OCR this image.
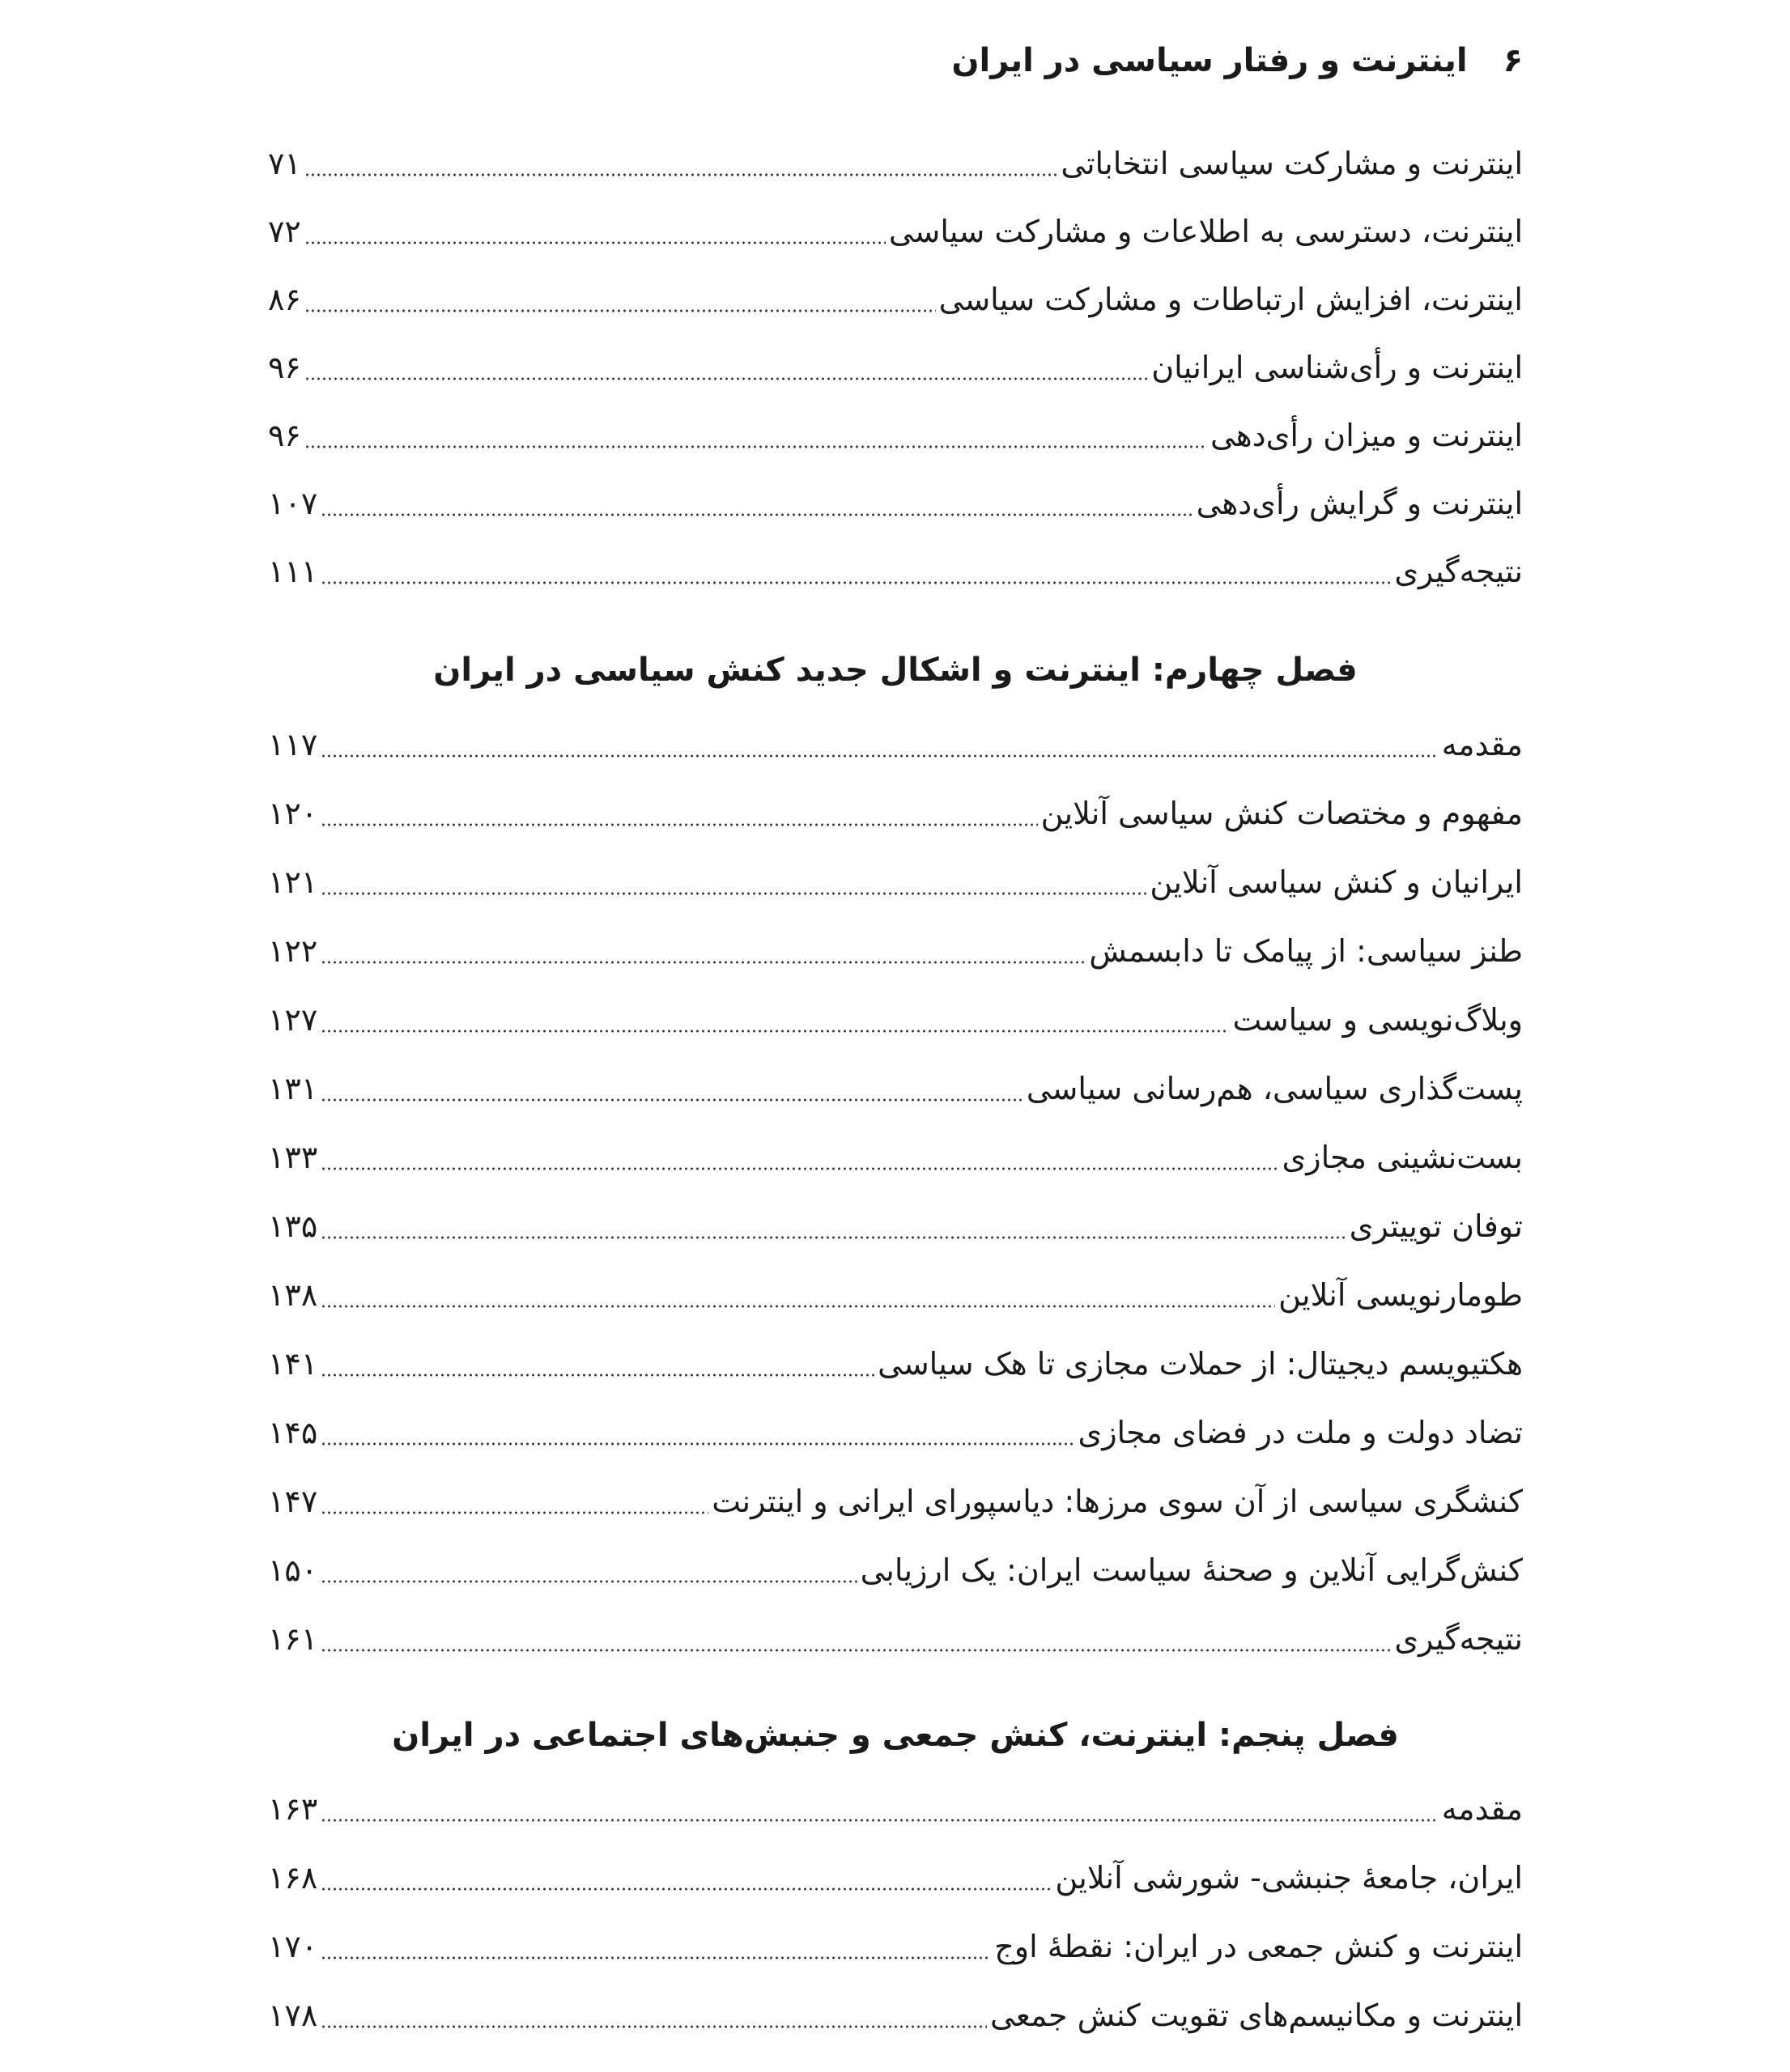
۶
اینترنت و رفتار سیاسی در ایران
اینترنت و مشارکت سیاسی انتخاباتی
۷۱
اینترنت، دسترسی به اطلاعات و مشارکت سیاسی
۷۲
اینترنت، افزایش ارتباطات و مشارکت سیاسی
۸۶
اینترنت و رأی‌شناسی ایرانیان
۹۶
اینترنت و میزان رأی‌دهی
۹۶
اینترنت و گرایش رأی‌دهی
۱۰۷
نتیجه‌گیری
۱۱۱
فصل چهارم: اینترنت و اشکال جدید کنش سیاسی در ایران
مقدمه
۱۱۷
مفهوم و مختصات کنش سیاسی آنلاین
۱۲۰
ایرانیان و کنش سیاسی آنلاین
۱۲۱
طنز سیاسی: از پیامک تا دابسمش
۱۲۲
وبلاگ‌نویسی و سیاست
۱۲۷
پست‌گذاری سیاسی، هم‌رسانی سیاسی
۱۳۱
بست‌نشینی مجازی
۱۳۳
توفان توییتری
۱۳۵
طومارنویسی آنلاین
۱۳۸
هکتیویسم دیجیتال: از حملات مجازی تا هک سیاسی
۱۴۱
تضاد دولت و ملت در فضای مجازی
۱۴۵
کنشگری سیاسی از آن سوی مرزها: دیاسپورای ایرانی و اینترنت
۱۴۷
کنش‌گرایی آنلاین و صحنهٔ سیاست ایران: یک ارزیابی
۱۵۰
نتیجه‌گیری
۱۶۱
فصل پنجم: اینترنت، کنش جمعی و جنبش‌های اجتماعی در ایران
مقدمه
۱۶۳
ایران، جامعهٔ جنبشی- شورشی آنلاین
۱۶۸
اینترنت و کنش جمعی در ایران: نقطهٔ اوج
۱۷۰
اینترنت و مکانیسم‌های تقویت کنش جمعی
۱۷۸
